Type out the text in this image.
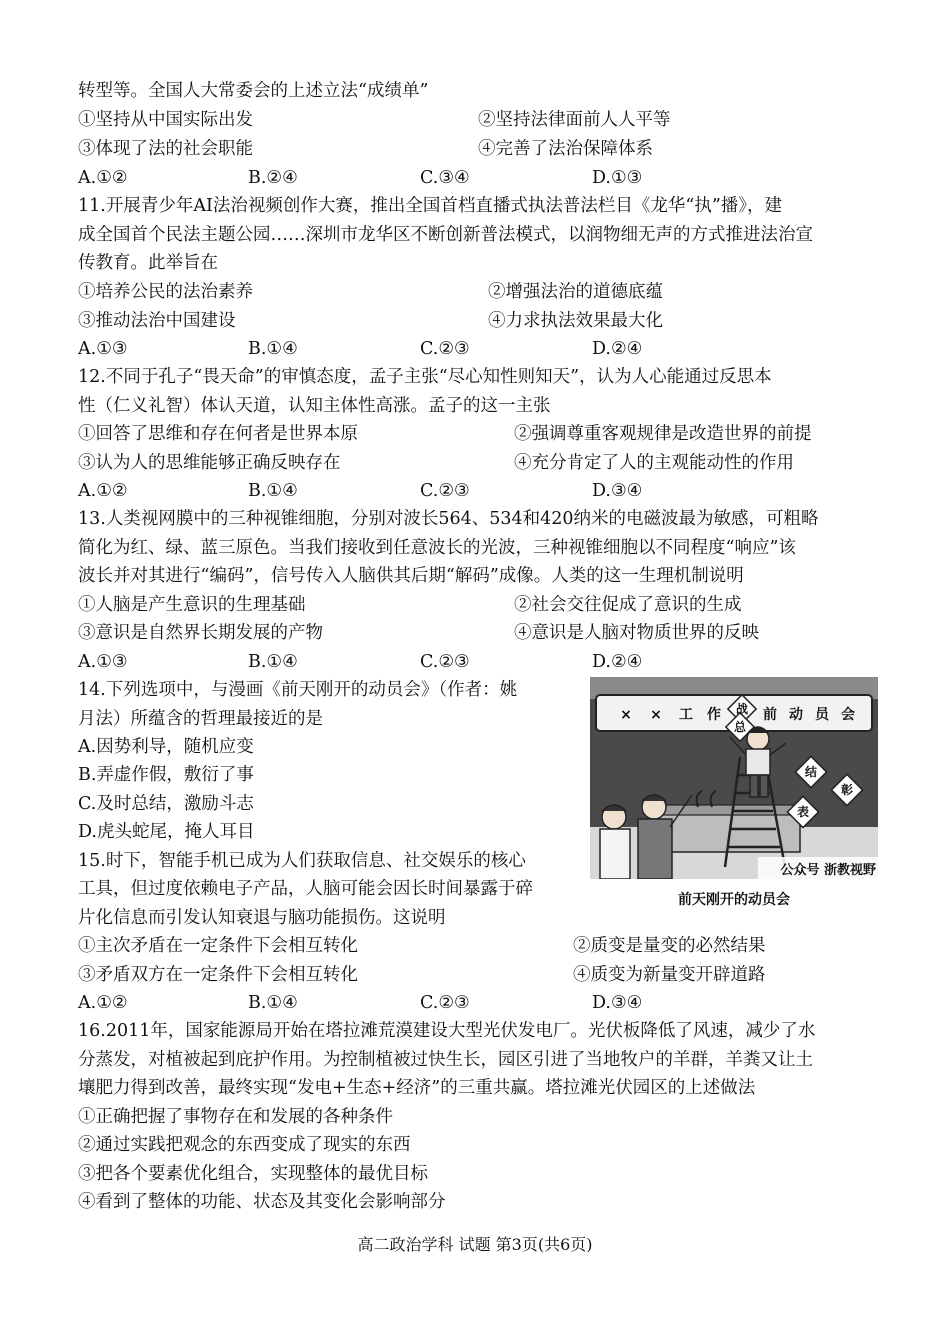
转型等。全国人大常委会的上述立法“成绩单”
①坚持从中国实际出发	②坚持法律面前人人平等
③体现了法的社会职能	④完善了法治保障体系
A.①②	B.②④	C.③④	D.①③
11.开展青少年AI法治视频创作大赛，推出全国首档直播式执法普法栏目《龙华“执”播》，建
成全国首个民法主题公园……深圳市龙华区不断创新普法模式，以润物细无声的方式推进法治宣
传教育。此举旨在
①培养公民的法治素养	②增强法治的道德底蕴
③推动法治中国建设	④力求执法效果最大化
A.①③	B.①④	C.②③	D.②④
12.不同于孔子“畏天命”的审慎态度，孟子主张“尽心知性则知天”，认为人心能通过反思本
性（仁义礼智）体认天道，认知主体性高涨。孟子的这一主张
①回答了思维和存在何者是世界本原	②强调尊重客观规律是改造世界的前提
③认为人的思维能够正确反映存在	④充分肯定了人的主观能动性的作用
A.①②	B.①④	C.②③	D.③④
13.人类视网膜中的三种视锥细胞，分别对波长564、534和420纳米的电磁波最为敏感，可粗略
简化为红、绿、蓝三原色。当我们接收到任意波长的光波，三种视锥细胞以不同程度“响应”该
波长并对其进行“编码”，信号传入人脑供其后期“解码”成像。人类的这一生理机制说明
①人脑是产生意识的生理基础	②社会交往促成了意识的生成
③意识是自然界长期发展的产物	④意识是人脑对物质世界的反映
A.①③	B.①④	C.②③	D.②④
14.下列选项中，与漫画《前天刚开的动员会》（作者：姚
月法）所蕴含的哲理最接近的是
A.因势利导，随机应变
B.弄虚作假，敷衍了事
C.及时总结，激励斗志
D.虎头蛇尾，掩人耳目
15.时下，智能手机已成为人们获取信息、社交娱乐的核心
工具，但过度依赖电子产品，人脑可能会因长时间暴露于碎
片化信息而引发认知衰退与脑功能损伤。这说明
①主次矛盾在一定条件下会相互转化	②质变是量变的必然结果
③矛盾双方在一定条件下会相互转化	④质变为新量变开辟道路
A.①②	B.①④	C.②③	D.③④
16.2011年，国家能源局开始在塔拉滩荒漠建设大型光伏发电厂。光伏板降低了风速，减少了水
分蒸发，对植被起到庇护作用。为控制植被过快生长，园区引进了当地牧户的羊群，羊粪又让土
壤肥力得到改善，最终实现“发电+生态+经济”的三重共赢。塔拉滩光伏园区的上述做法
①正确把握了事物存在和发展的各种条件
②通过实践把观念的东西变成了现实的东西
③把各个要素优化组合，实现整体的最优目标
④看到了整体的功能、状态及其变化会影响部分
× × 工 作	前 动 员 会
战
总
结
彰
表
公众号 浙教视野
前天刚开的动员会
高二政治学科 试题 第3页(共6页)
